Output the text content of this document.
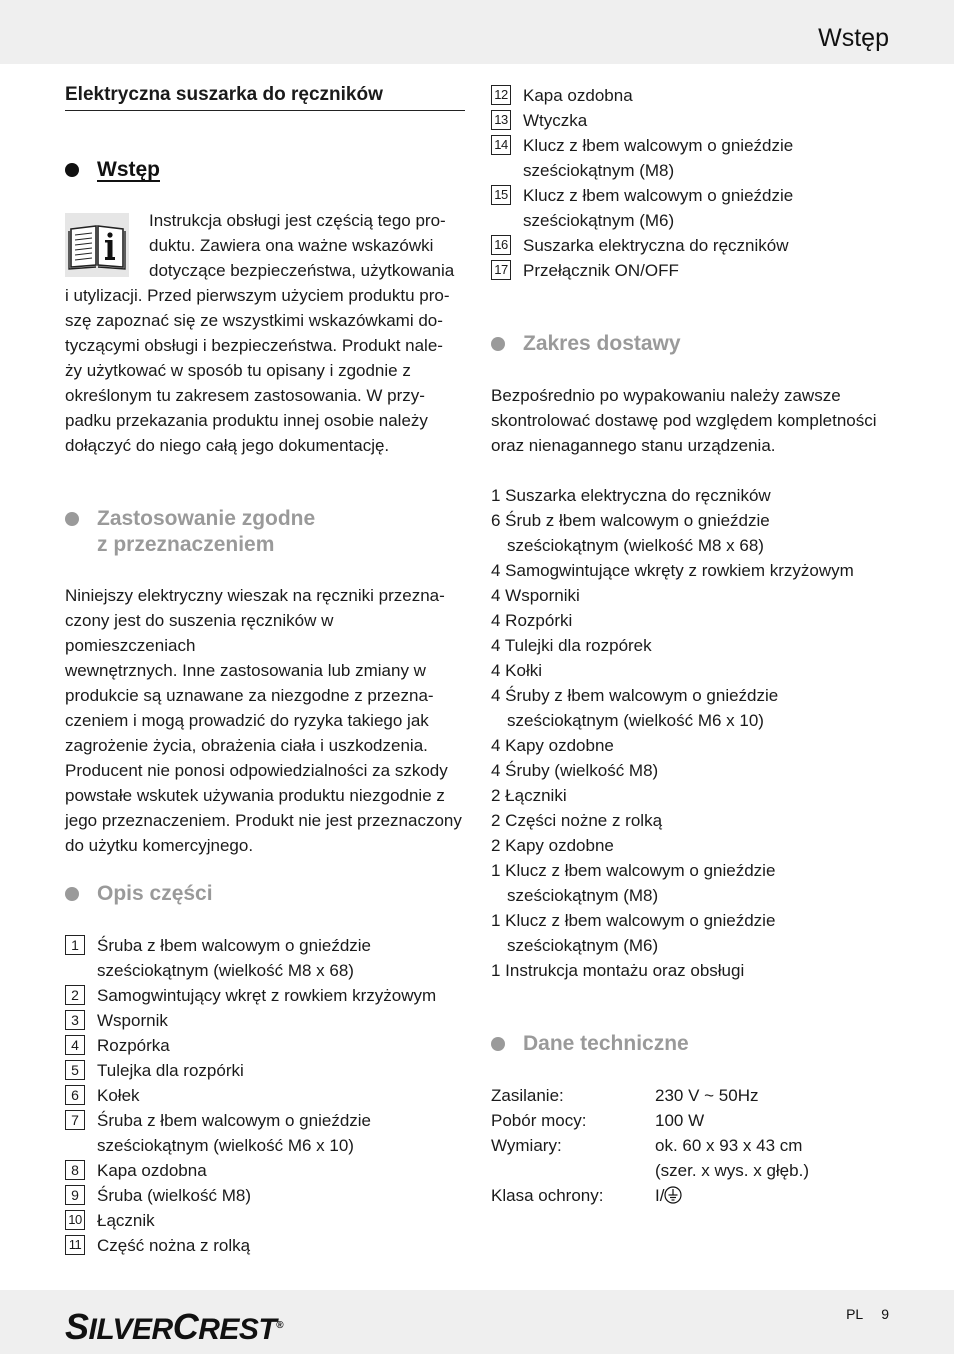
Wstęp
Elektryczna suszarka do ręczników
Wstęp

Instrukcja obsługi jest częścią tego pro-

duktu. Zawiera ona ważne wskazówki

dotyczące bezpieczeństwa, użytkowania

i utylizacji. Przed pierwszym użyciem produktu pro-

szę zapoznać się ze wszystkimi wskazówkami do-

tyczącymi obsługi i bezpieczeństwa. Produkt nale-

ży użytkować w sposób tu opisany i zgodnie z

określonym tu zakresem zastosowania. W przy-

padku przekazania produktu innej osobie należy

dołączyć do niego całą jego dokumentację.

Zastosowanie zgodne
z przeznaczeniem

Niniejszy elektryczny wieszak na ręczniki przezna-

czony jest do suszenia ręczników w pomieszczeniach

wewnętrznych. Inne zastosowania lub zmiany w

produkcie są uznawane za niezgodne z przezna-

czeniem i mogą prowadzić do ryzyka takiego jak

zagrożenie życia, obrażenia ciała i uszkodzenia.

Producent nie ponosi odpowiedzialności za szkody

powstałe wskutek używania produktu niezgodnie z

jego przeznaczeniem. Produkt nie jest przeznaczony

do użytku komercyjnego.

Opis części
1	Śruba z łbem walcowym o gnieździe
sześciokątnym (wielkość M8 x 68)
2	Samogwintujący wkręt z rowkiem krzyżowym
3	Wspornik
4	Rozpórka
5	Tulejka dla rozpórki
6	Kołek
7	Śruba z łbem walcowym o gnieździe
sześciokątnym (wielkość M6 x 10)
8	Kapa ozdobna
9	Śruba (wielkość M8)
10 Łącznik
11 Część nożna z rolką
12 Kapa ozdobna
13 Wtyczka
14 Klucz z łbem walcowym o gnieździe
sześciokątnym (M8)
15 Klucz z łbem walcowym o gnieździe
sześciokątnym (M6)
16 Suszarka elektryczna do ręczników
17 Przełącznik ON/OFF
Zakres dostawy

Bezpośrednio po wypakowaniu należy zawsze

skontrolować dostawę pod względem kompletności

oraz nienagannego stanu urządzenia.

1 Suszarka elektryczna do ręczników
6 Śrub z łbem walcowym o gnieździe
sześciokątnym (wielkość M8 x 68)
4 Samogwintujące wkręty z rowkiem krzyżowym
4 Wsporniki
4 Rozpórki
4 Tulejki dla rozpórek
4 Kołki
4 Śruby z łbem walcowym o gnieździe
sześciokątnym (wielkość M6 x 10)
4 Kapy ozdobne
4 Śruby (wielkość M8)
2 Łączniki
2 Części nożne z rolką
2 Kapy ozdobne
1 Klucz z łbem walcowym o gnieździe
sześciokątnym (M8)
1 Klucz z łbem walcowym o gnieździe
sześciokątnym (M6)
1 Instrukcja montażu oraz obsługi
Dane techniczne
Zasilanie:	230 V ~ 50Hz
Pobór mocy:	100 W
Wymiary:	ok. 60 x 93 x 43 cm
(szer. x wys. x głęb.)
Klasa ochrony:	I/
SILVERCREST®
PL 9
